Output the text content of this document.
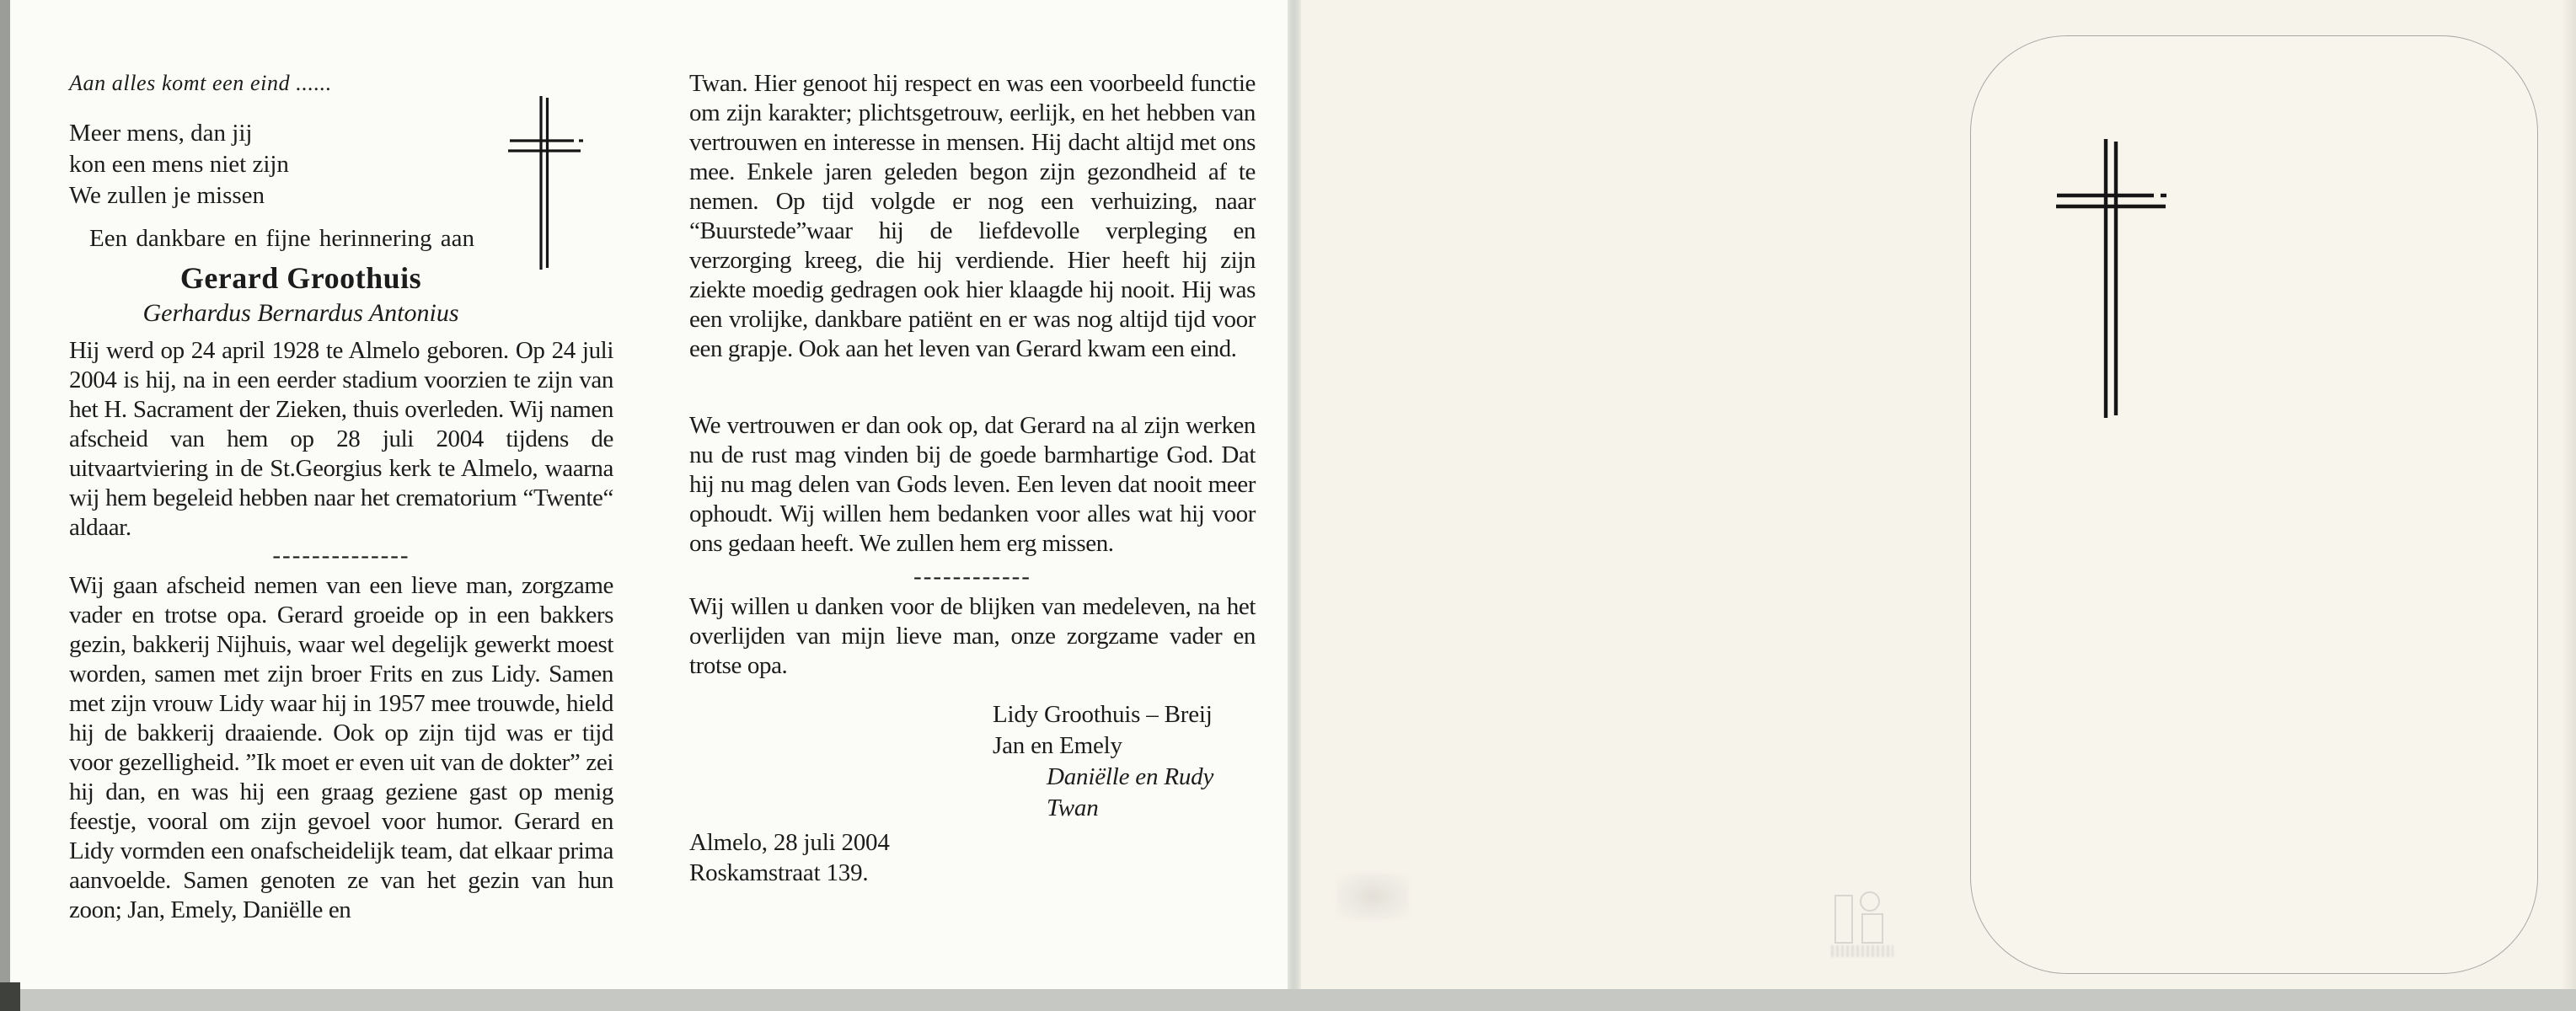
Aan alles komt een eind ......
Meer mens, dan jij
kon een mens niet zijn
We zullen je missen
Een dankbare en fijne herinnering aan
Gerard Groothuis
Gerhardus Bernardus Antonius
Hij werd op 24 april 1928 te Almelo geboren. Op 24 juli 2004 is hij, na in een eerder stadium voorzien te zijn van het H. Sacrament der Zieken, thuis overleden. Wij namen afscheid van hem op 28 juli 2004 tijdens de uitvaartviering in de St.Georgius kerk te Almelo, waarna wij hem begeleid hebben naar het crematorium “Twente“ aldaar.
--------------
Wij gaan afscheid nemen van een lieve man, zorgzame vader en trotse opa. Gerard groeide op in een bakkers gezin, bakkerij Nijhuis, waar wel degelijk gewerkt moest worden, samen met zijn broer Frits en zus Lidy. Samen met zijn vrouw Lidy waar hij in 1957 mee trouwde, hield hij de bakkerij draaiende. Ook op zijn tijd was er tijd voor gezelligheid. ”Ik moet er even uit van de dokter” zei hij dan, en was hij een graag geziene gast op menig feestje, vooral om zijn gevoel voor humor. Gerard en Lidy vormden een onafscheidelijk team, dat elkaar prima aanvoelde. Samen genoten ze van het gezin van hun zoon; Jan, Emely, Daniëlle en
Twan. Hier genoot hij respect en was een voorbeeld functie om zijn karakter; plichtsgetrouw, eerlijk, en het hebben van vertrouwen en interesse in mensen. Hij dacht altijd met ons mee. Enkele jaren geleden begon zijn gezondheid af te nemen. Op tijd volgde er nog een verhuizing, naar “Buurstede”waar hij de liefdevolle verpleging en verzorging kreeg, die hij verdiende. Hier heeft hij zijn ziekte moedig gedragen ook hier klaagde hij nooit. Hij was een vrolijke, dankbare patiënt en er was nog altijd tijd voor een grapje. Ook aan het leven van Gerard kwam een eind.
We vertrouwen er dan ook op, dat Gerard na al zijn werken nu de rust mag vinden bij de goede barmhartige God. Dat hij nu mag delen van Gods leven. Een leven dat nooit meer ophoudt. Wij willen hem bedanken voor alles wat hij voor ons gedaan heeft. We zullen hem erg missen.
------------
Wij willen u danken voor de blijken van medeleven, na het overlijden van mijn lieve man, onze zorgzame vader en trotse opa.
Lidy Groothuis – Breij
Jan en Emely
Daniëlle en Rudy
Twan
Almelo, 28 juli 2004
Roskamstraat 139.
